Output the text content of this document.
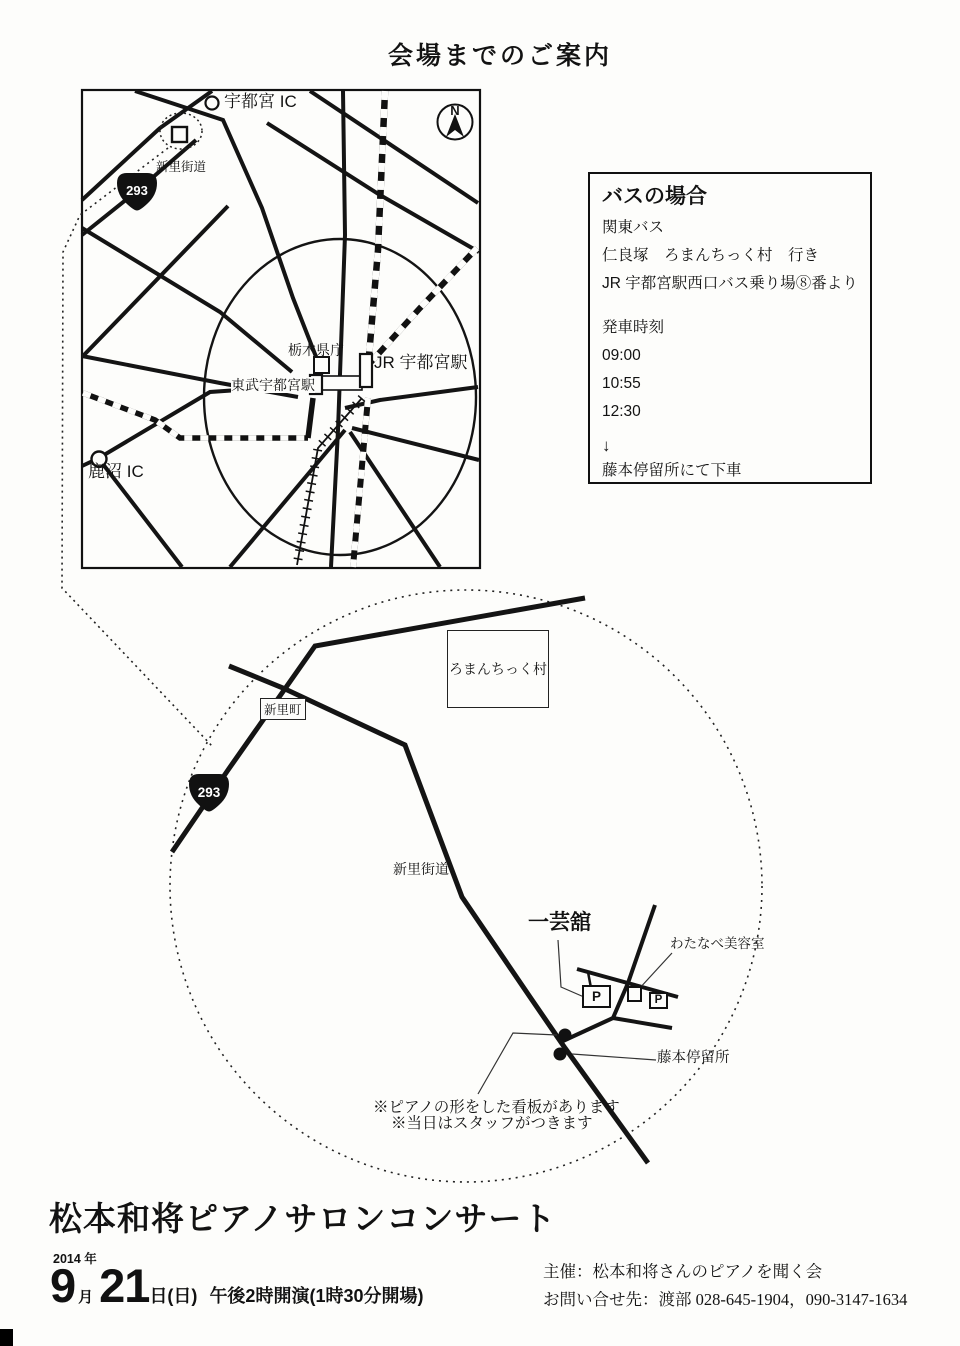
会場までのご案内
宇都宮 IC	N
新里街道
293
栃木県庁
JR 宇都宮駅
東武宇都宮駅
鹿沼 IC
バスの場合
関東バス
仁良塚　ろまんちっく村　行き
JR 宇都宮駅西口バス乗り場⑧番より
発車時刻
09:00
10:55
12:30
↓
藤本停留所にて下車
ろまんちっく村
新里町
293
新里街道
一芸舘
わたなべ美容室
藤本停留所
P	P
※ピアノの形をした看板があります
※当日はスタッフがつきます
松本和将ピアノサロンコンサート
2014 年
9 月 21 日(日) 午後2時開演(1時30分開場)
主催：松本和将さんのピアノを聞く会
お問い合せ先：渡部 028-645-1904，090-3147-1634
